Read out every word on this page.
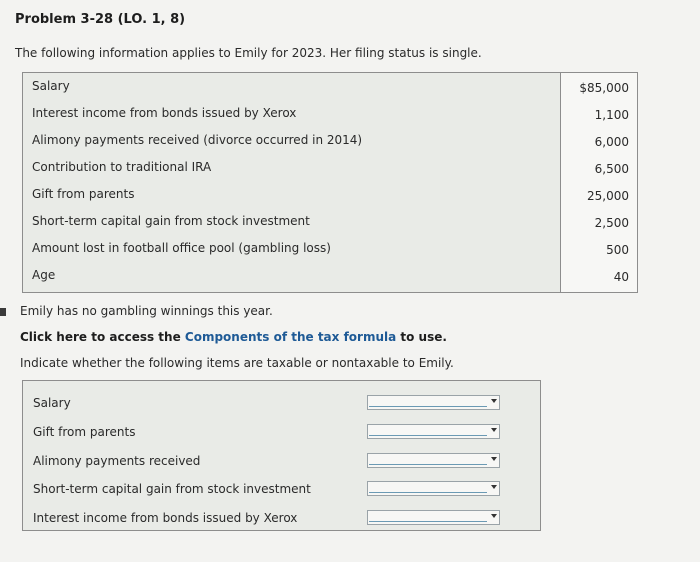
Problem 3-28 (LO. 1, 8)
The following information applies to Emily for 2023. Her filing status is single.
Salary
Interest income from bonds issued by Xerox
Alimony payments received (divorce occurred in 2014)
Contribution to traditional IRA
Gift from parents
Short-term capital gain from stock investment
Amount lost in football office pool (gambling loss)
Age
$85,000
1,100
6,000
6,500
25,000
2,500
500
40
Emily has no gambling winnings this year.
Click here to access the Components of the tax formula to use.
Indicate whether the following items are taxable or nontaxable to Emily.
Salary
Gift from parents
Alimony payments received
Short-term capital gain from stock investment
Interest income from bonds issued by Xerox
